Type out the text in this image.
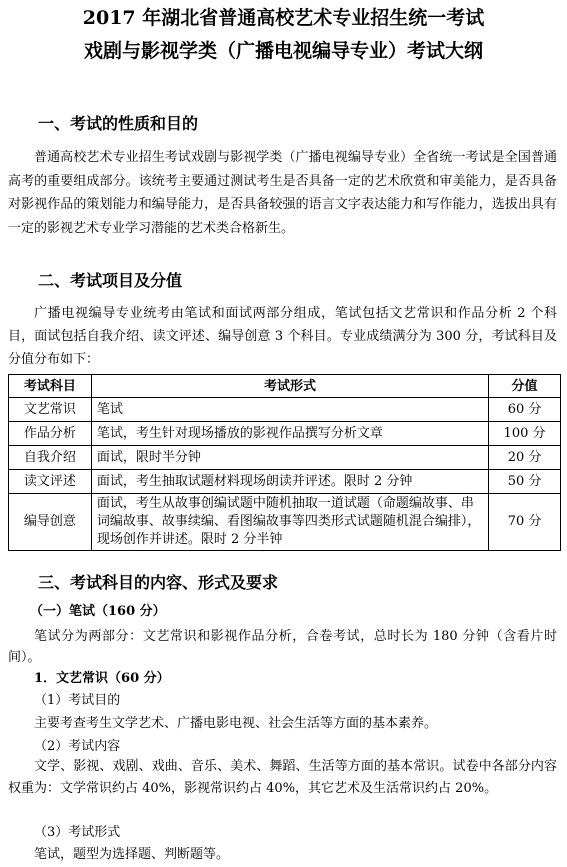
2017 年湖北省普通高校艺术专业招生统一考试
戏剧与影视学类（广播电视编导专业）考试大纲
一、考试的性质和目的
普通高校艺术专业招生考试戏剧与影视学类（广播电视编导专业）全省统一考试是全国普通高考的重要组成部分。该统考主要通过测试考生是否具备一定的艺术欣赏和审美能力，是否具备对影视作品的策划能力和编导能力，是否具备较强的语言文字表达能力和写作能力，选拔出具有一定的影视艺术专业学习潜能的艺术类合格新生。
二、考试项目及分值
广播电视编导专业统考由笔试和面试两部分组成，笔试包括文艺常识和作品分析 2 个科目，面试包括自我介绍、读文评述、编导创意 3 个科目。专业成绩满分为 300 分，考试科目及分值分布如下：
考试科目	考试形式	分值
文艺常识	笔试	60 分
作品分析	笔试，考生针对现场播放的影视作品撰写分析文章	100 分
自我介绍	面试，限时半分钟	20 分
读文评述	面试，考生抽取试题材料现场朗读并评述。限时 2 分钟	50 分
编导创意	面试，考生从故事创编试题中随机抽取一道试题（命题编故事、串词编故事、故事续编、看图编故事等四类形式试题随机混合编排），现场创作并讲述。限时 2 分半钟	70 分
三、考试科目的内容、形式及要求
（一）笔试（160 分）
笔试分为两部分：文艺常识和影视作品分析，合卷考试，总时长为 180 分钟（含看片时间）。
1．文艺常识（60 分）
（1）考试目的
主要考查考生文学艺术、广播电影电视、社会生活等方面的基本素养。
（2）考试内容
文学、影视、戏剧、戏曲、音乐、美术、舞蹈、生活等方面的基本常识。试卷中各部分内容权重为：文学常识约占 40%，影视常识约占 40%，其它艺术及生活常识约占 20%。
（3）考试形式
笔试，题型为选择题、判断题等。
